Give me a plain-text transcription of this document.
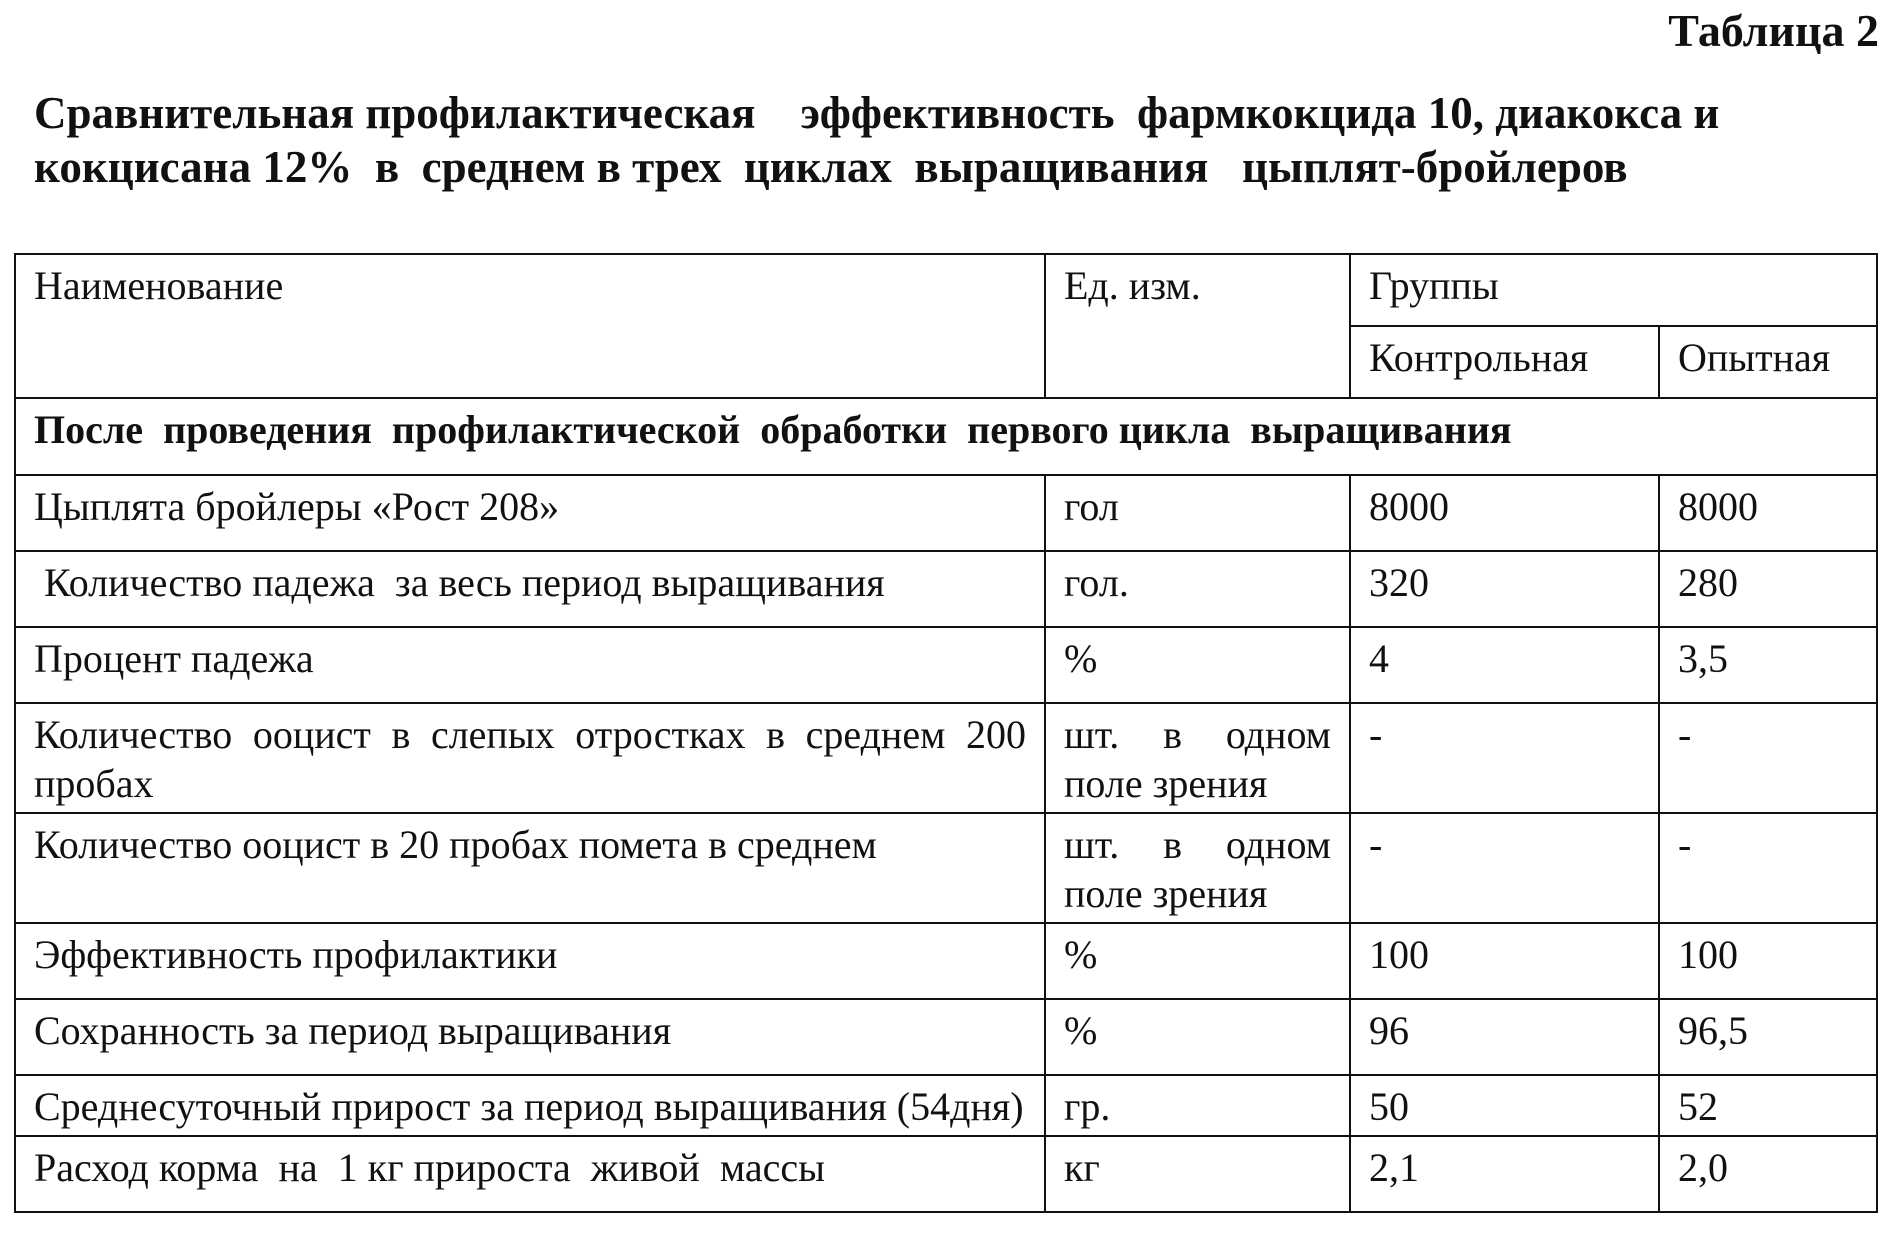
Таблица 2

Сравнительная профилактическая    эффективность  фармкокцида 10, диакокса и
кокцисана 12%  в  среднем в трех  циклах  выращивания   цыплят-бройлеров

Наименование	Ед. изм.	Группы	
		Контрольная	Опытная
После  проведения  профилактической  обработки  первого цикла  выращивания			
Цыплята бройлеры «Рост 208»	гол	8000	8000
Количество падежа  за весь период выращивания	гол.	320	280
Процент падежа	%	4	3,5
Количество ооцист в слепых отростках в среднем 200 пробах	шт. в одном поле зрения	-	-
Количество ооцист в 20 пробах помета в среднем	шт. в одном поле зрения	-	-
Эффективность профилактики	%	100	100
Сохранность за период выращивания	%	96	96,5
Среднесуточный прирост за период выращивания (54дня)	гр.	50	52
Расход корма  на  1 кг прироста  живой  массы	кг	2,1	2,0
